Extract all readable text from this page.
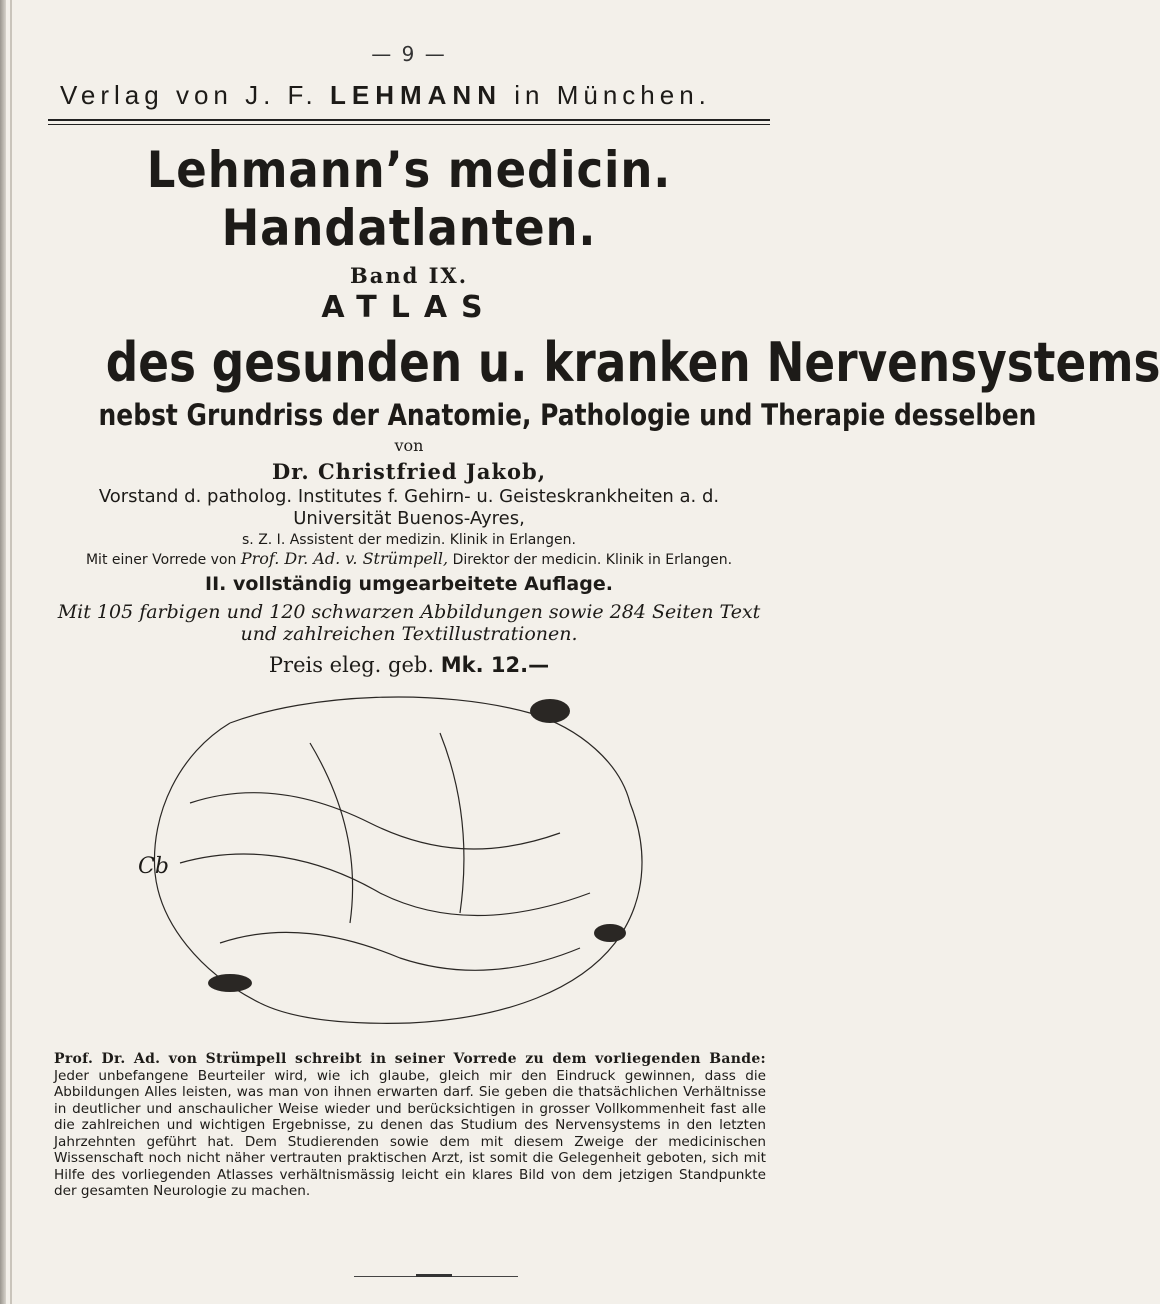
— 9 —
Verlag von J. F. LEHMANN in München.
Lehmann’s medicin. Handatlanten.
Band IX.
ATLAS
des gesunden u. kranken Nervensystems
nebst Grundriss der Anatomie, Pathologie und Therapie desselben
von
Dr. Christfried Jakob,
Vorstand d. patholog. Institutes f. Gehirn- u. Geisteskrankheiten a. d. Universität Buenos-Ayres,
s. Z. I. Assistent der medizin. Klinik in Erlangen.
Mit einer Vorrede von Prof. Dr. Ad. v. Strümpell, Direktor der medicin. Klinik in Erlangen.
II. vollständig umgearbeitete Auflage.
Mit 105 farbigen und 120 schwarzen Abbildungen sowie 284 Seiten Text und zahlreichen Textillustrationen.
Preis eleg. geb. Mk. 12.—
Cb
Prof. Dr. Ad. von Strümpell schreibt in seiner Vorrede zu dem vorliegenden Bande: Jeder unbefangene Beurteiler wird, wie ich glaube, gleich mir den Eindruck gewinnen, dass die Abbildungen Alles leisten, was man von ihnen erwarten darf. Sie geben die thatsächlichen Verhältnisse in deutlicher und anschaulicher Weise wieder und berücksichtigen in grosser Vollkommenheit fast alle die zahlreichen und wichtigen Ergebnisse, zu denen das Studium des Nervensystems in den letzten Jahrzehnten geführt hat. Dem Studierenden sowie dem mit diesem Zweige der medicinischen Wissenschaft noch nicht näher vertrauten praktischen Arzt, ist somit die Gelegenheit geboten, sich mit Hilfe des vorliegenden Atlasses verhältnismässig leicht ein klares Bild von dem jetzigen Standpunkte der gesamten Neurologie zu machen.
